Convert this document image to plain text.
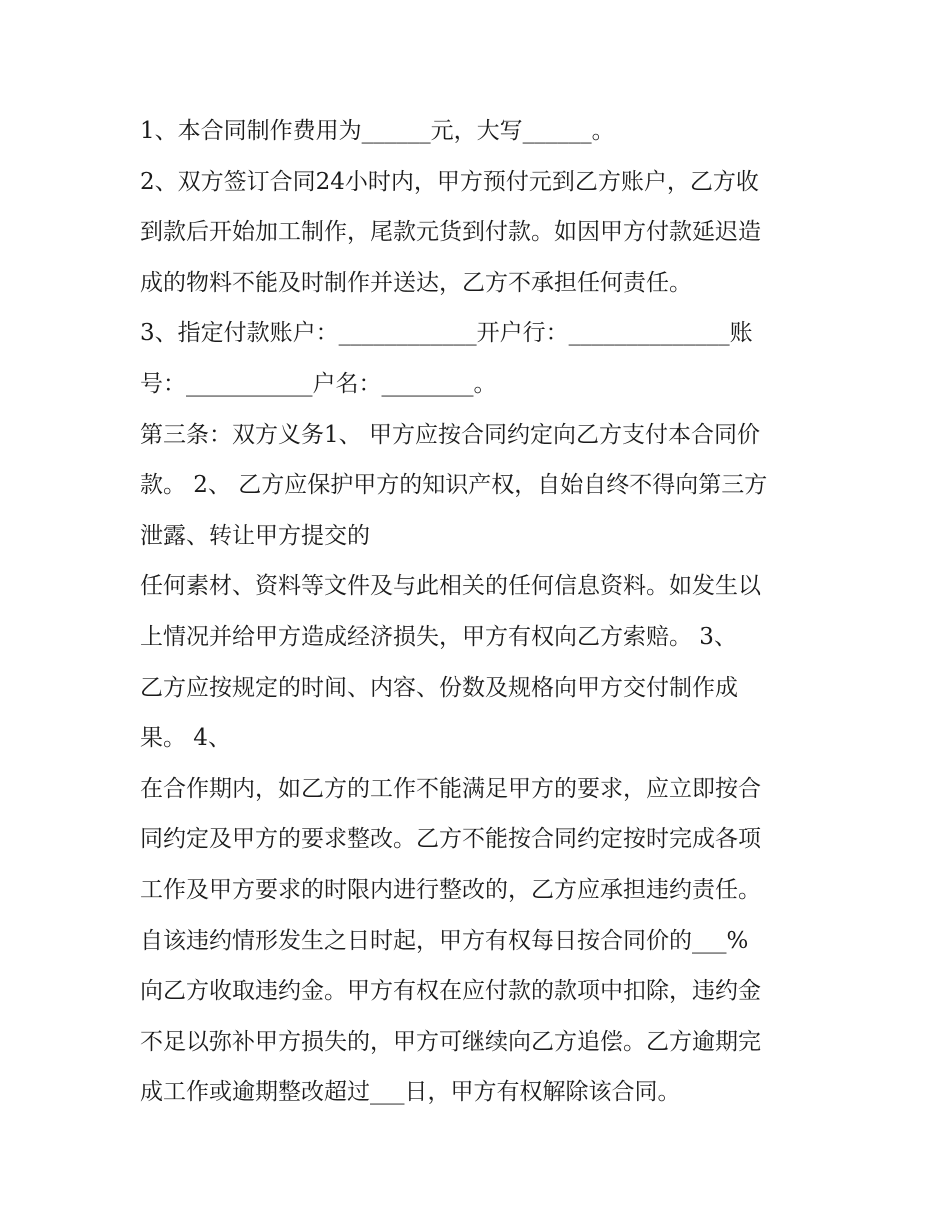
1、本合同制作费用为______元，大写______。
2、双方签订合同24小时内，甲方预付元到乙方账户，乙方收
到款后开始加工制作，尾款元货到付款。如因甲方付款延迟造
成的物料不能及时制作并送达，乙方不承担任何责任。
3、指定付款账户：____________开户行：______________账
号：___________户名：________。
第三条：双方义务1、 甲方应按合同约定向乙方支付本合同价
款。 2、 乙方应保护甲方的知识产权，自始自终不得向第三方
泄露、转让甲方提交的
任何素材、资料等文件及与此相关的任何信息资料。如发生以
上情况并给甲方造成经济损失，甲方有权向乙方索赔。 3、
乙方应按规定的时间、内容、份数及规格向甲方交付制作成
果。 4、
在合作期内，如乙方的工作不能满足甲方的要求，应立即按合
同约定及甲方的要求整改。乙方不能按合同约定按时完成各项
工作及甲方要求的时限内进行整改的，乙方应承担违约责任。
自该违约情形发生之日时起，甲方有权每日按合同价的___%
向乙方收取违约金。甲方有权在应付款的款项中扣除，违约金
不足以弥补甲方损失的，甲方可继续向乙方追偿。乙方逾期完
成工作或逾期整改超过___日，甲方有权解除该合同。
